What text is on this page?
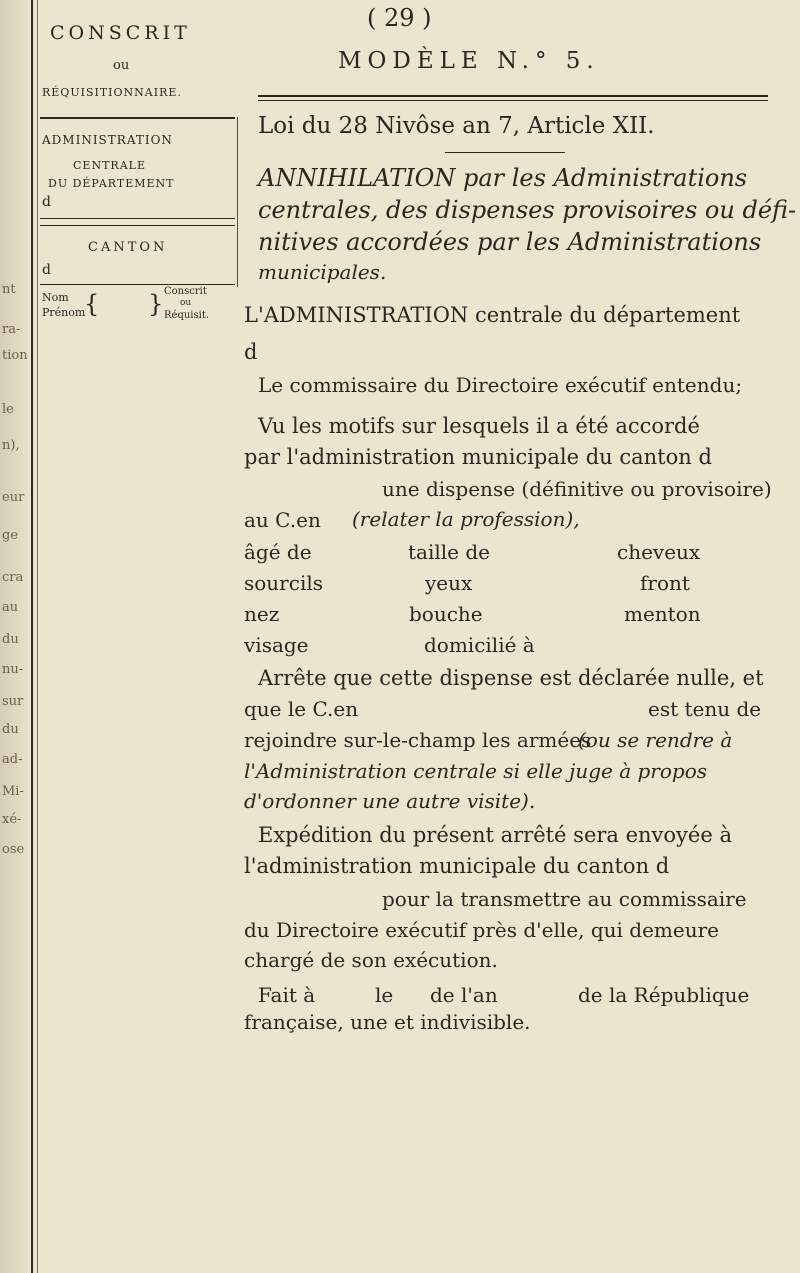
nt
ra-
tion
le
n),
eur
ge
cra
au
du
nu-
sur
du
ad-
Mi-
xé-
ose
CONSCRIT
ou
RÉQUISITIONNAIRE.
ADMINISTRATION
CENTRALE
DU DÉPARTEMENT
d
CANTON
d
Nom
Prénom
{ } Conscrit
ou
Réquisit.
( 29 )
MODÈLE N.° 5.
Loi du 28 Nivôse an 7, Article XII.
ANNIHILATION par les Administrations
centrales, des dispenses provisoires ou défi-
nitives accordées par les Administrations
municipales.
L'ADMINISTRATION centrale du département
d
Le commissaire du Directoire exécutif entendu;
Vu les motifs sur lesquels il a été accordé
par l'administration municipale du canton d
une dispense (définitive ou provisoire)
au C.en (relater la profession),
âgé de	taille de	cheveux
sourcils	yeux	front
nez	bouche	menton
visage	domicilié à
Arrête que cette dispense est déclarée nulle, et
que le C.en	est tenu de
rejoindre sur-le-champ les armées
(ou se rendre à
l'Administration centrale si elle juge à propos
d'ordonner une autre visite).
Expédition du présent arrêté sera envoyée à
l'administration municipale du canton d
pour la transmettre au commissaire
du Directoire exécutif près d'elle, qui demeure
chargé de son exécution.
Fait à	le de l'an	de la République
française, une et indivisible.
